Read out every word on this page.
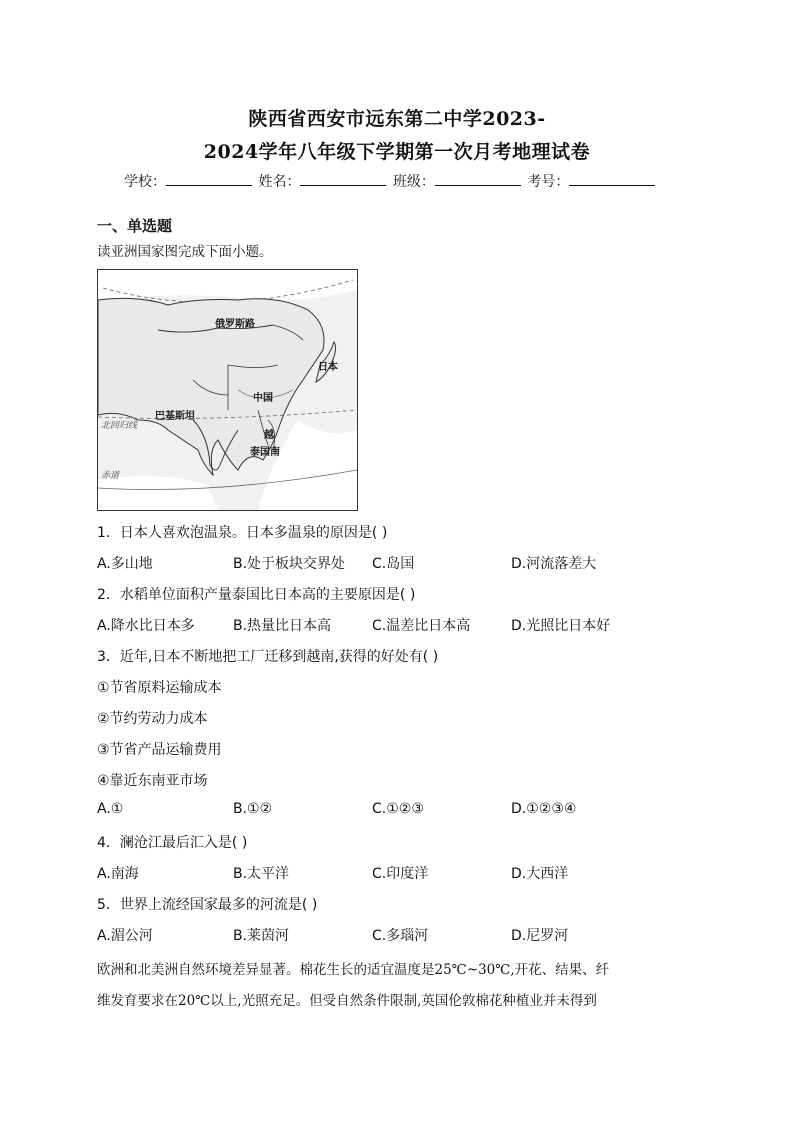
陕西省西安市远东第二中学2023-
2024学年八年级下学期第一次月考地理试卷
学校：	姓名：	班级：	考号：
一、单选题
读亚洲国家图完成下面小题。
俄罗斯路
日本
中国
巴基斯坦
越
泰国南
北回归线
赤道
1．日本人喜欢泡温泉。日本多温泉的原因是( )
A.多山地	B.处于板块交界处 C.岛国	D.河流落差大
2．水稻单位面积产量泰国比日本高的主要原因是( )
A.降水比日本多	B.热量比日本高	C.温差比日本高	D.光照比日本好
3．近年,日本不断地把工厂迁移到越南,获得的好处有( )
①节省原料运输成本
②节约劳动力成本
③节省产品运输费用
④靠近东南亚市场
A.①	B.①②	C.①②③	D.①②③④
4．澜沧江最后汇入是( )
A.南海	B.太平洋	C.印度洋	D.大西洋
5．世界上流经国家最多的河流是( )
A.湄公河	B.莱茵河	C.多瑙河	D.尼罗河
欧洲和北美洲自然环境差异显著。棉花生长的适宜温度是25℃~30℃,开花、结果、纤
维发育要求在20℃以上,光照充足。但受自然条件限制,英国伦敦棉花种植业并未得到
